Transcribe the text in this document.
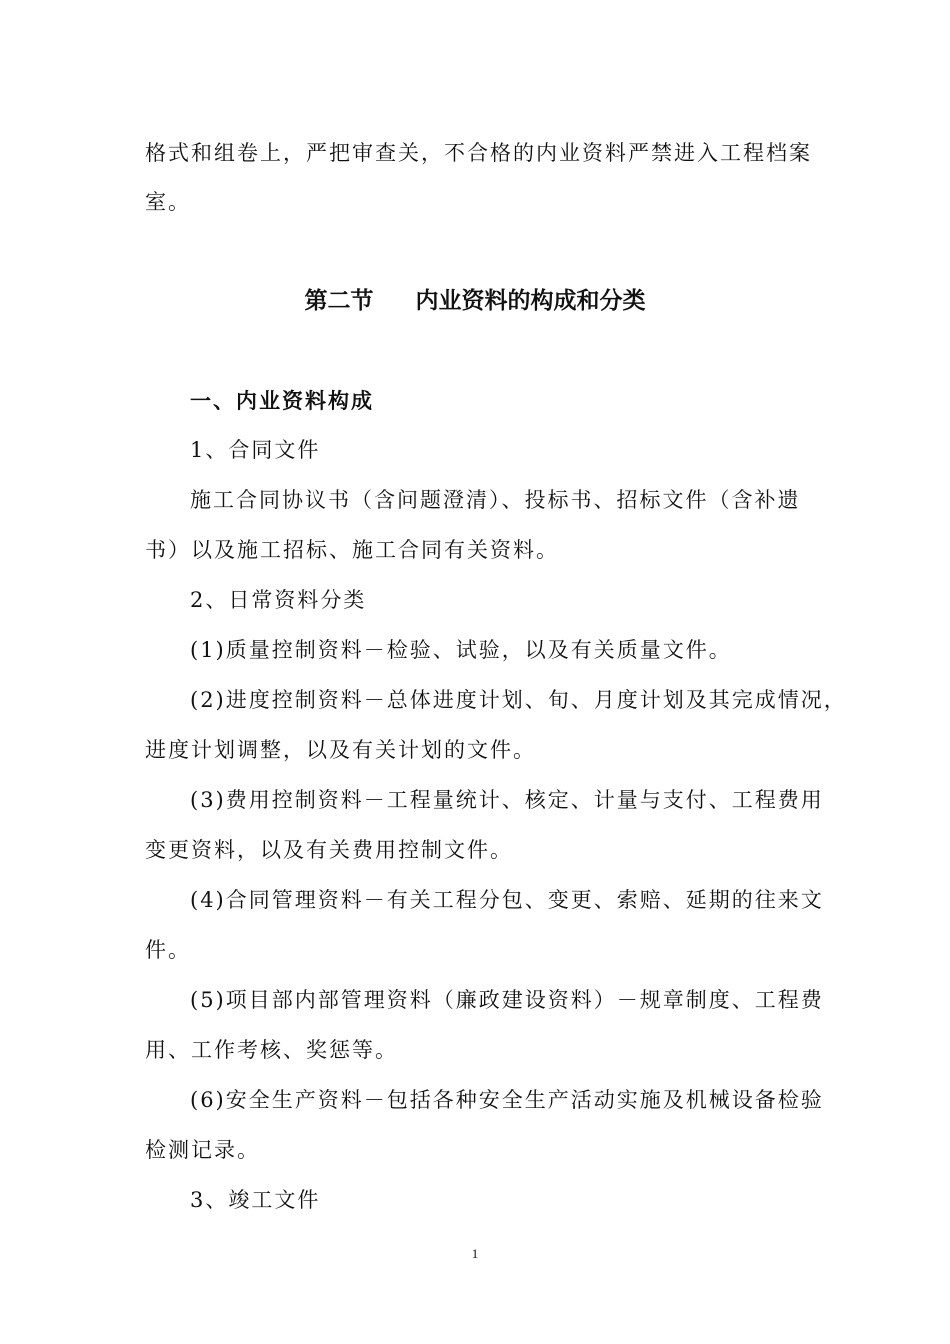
格式和组卷上，严把审查关，不合格的内业资料严禁进入工程档案

室。

第二节 内业资料的构成和分类

一、内业资料构成

1、合同文件

施工合同协议书（含问题澄清）、投标书、招标文件（含补遗

书）以及施工招标、施工合同有关资料。

2、日常资料分类

(1)质量控制资料－检验、试验，以及有关质量文件。

(2)进度控制资料－总体进度计划、旬、月度计划及其完成情况，

进度计划调整，以及有关计划的文件。

(3)费用控制资料－工程量统计、核定、计量与支付、工程费用

变更资料，以及有关费用控制文件。

(4)合同管理资料－有关工程分包、变更、索赔、延期的往来文

件。

(5)项目部内部管理资料（廉政建设资料）－规章制度、工程费

用、工作考核、奖惩等。

(6)安全生产资料－包括各种安全生产活动实施及机械设备检验

检测记录。

3、竣工文件

1
